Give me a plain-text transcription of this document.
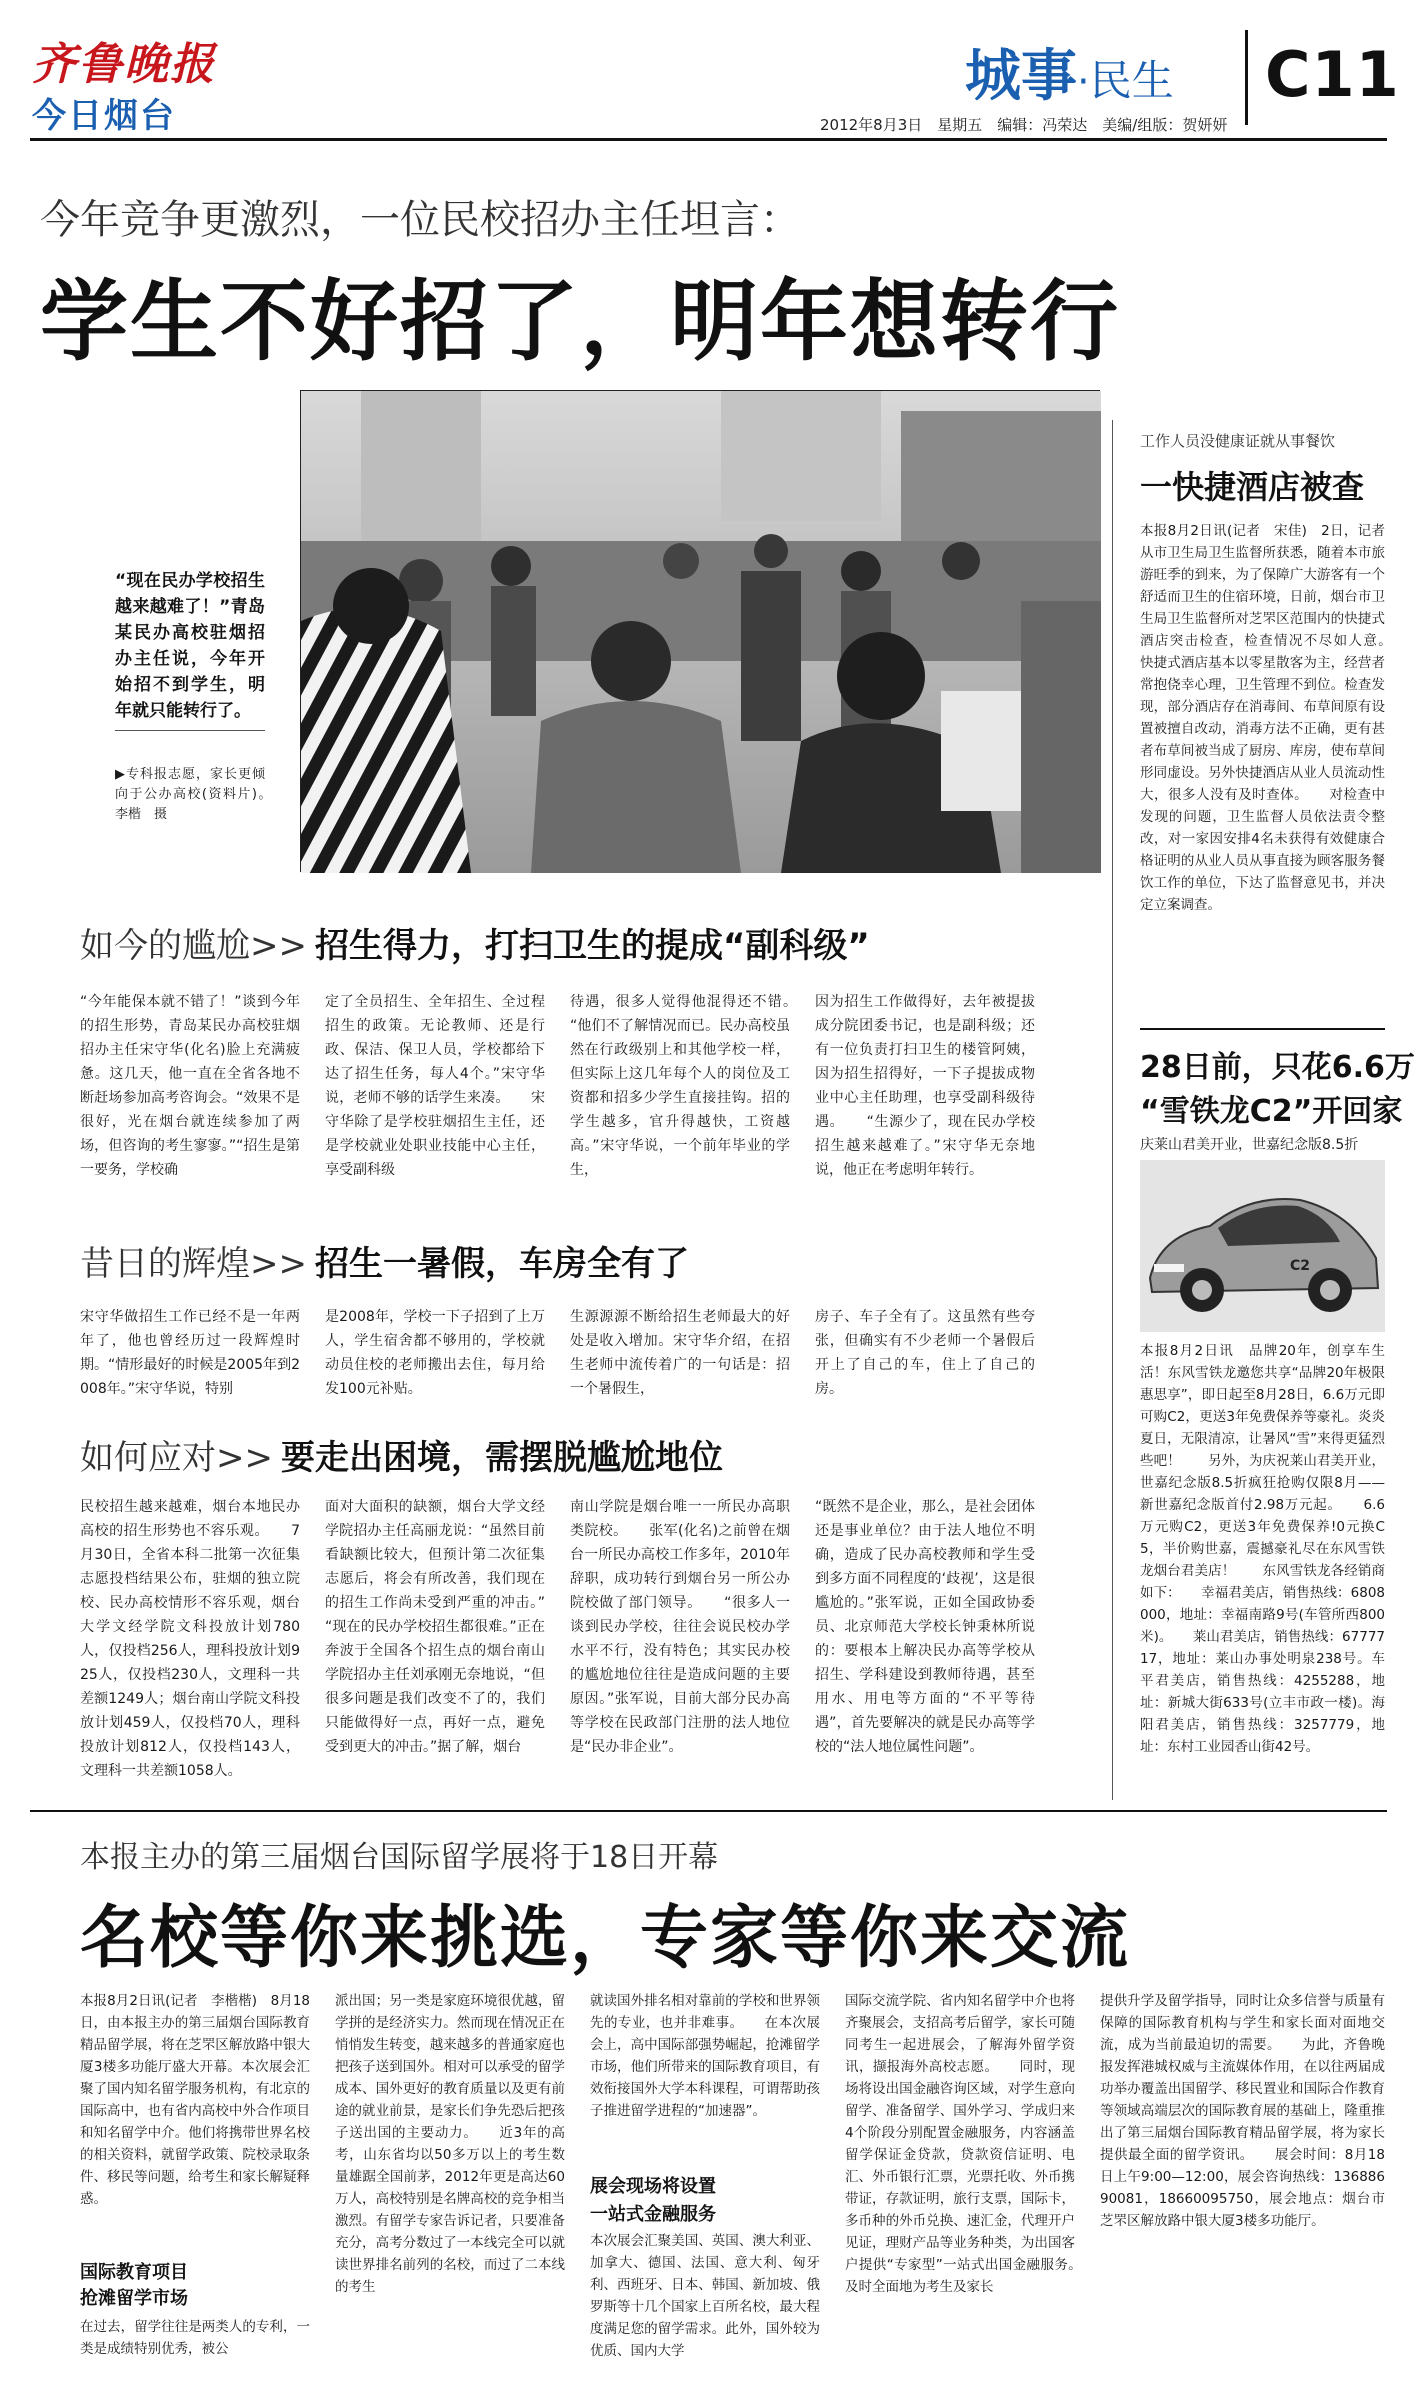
齐鲁晚报
今日烟台
城事·民生 C11
2012年8月3日　星期五　编辑：冯荣达　美编/组版：贺妍妍
今年竞争更激烈，一位民校招办主任坦言：
学生不好招了，明年想转行
“现在民办学校招生越来越难了！”青岛某民办高校驻烟招办主任说，今年开始招不到学生，明年就只能转行了。
▶专科报志愿，家长更倾向于公办高校(资料片)。　李楷　摄
如今的尴尬>> 招生得力，打扫卫生的提成“副科级”
“今年能保本就不错了！”谈到今年的招生形势，青岛某民办高校驻烟招办主任宋守华(化名)脸上充满疲惫。这几天，他一直在全省各地不断赶场参加高考咨询会。“效果不是很好，光在烟台就连续参加了两场，但咨询的考生寥寥。”“招生是第一要务，学校确
定了全员招生、全年招生、全过程招生的政策。无论教师、还是行政、保洁、保卫人员，学校都给下达了招生任务，每人4个。”宋守华说，老师不够的话学生来凑。　　宋守华除了是学校驻烟招生主任，还是学校就业处职业技能中心主任，享受副科级
待遇，很多人觉得他混得还不错。　　“他们不了解情况而已。民办高校虽然在行政级别上和其他学校一样，但实际上这几年每个人的岗位及工资都和招多少学生直接挂钩。招的学生越多，官升得越快，工资越高。”宋守华说，一个前年毕业的学生，
因为招生工作做得好，去年被提拔成分院团委书记，也是副科级；还有一位负责打扫卫生的楼管阿姨，因为招生招得好，一下子提拔成物业中心主任助理，也享受副科级待遇。　　“生源少了，现在民办学校招生越来越难了。”宋守华无奈地说，他正在考虑明年转行。
昔日的辉煌>> 招生一暑假，车房全有了
宋守华做招生工作已经不是一年两年了，他也曾经历过一段辉煌时期。“情形最好的时候是2005年到2008年。”宋守华说，特别
是2008年，学校一下子招到了上万人，学生宿舍都不够用的，学校就动员住校的老师搬出去住，每月给发100元补贴。
生源源源不断给招生老师最大的好处是收入增加。宋守华介绍，在招生老师中流传着广的一句话是：招一个暑假生，
房子、车子全有了。这虽然有些夸张，但确实有不少老师一个暑假后开上了自己的车，住上了自己的房。
如何应对>> 要走出困境，需摆脱尴尬地位
民校招生越来越难，烟台本地民办高校的招生形势也不容乐观。　　7月30日，全省本科二批第一次征集志愿投档结果公布，驻烟的独立院校、民办高校情形不容乐观，烟台大学文经学院文科投放计划780人，仅投档256人，理科投放计划925人，仅投档230人，文理科一共差额1249人；烟台南山学院文科投放计划459人，仅投档70人，理科投放计划812人，仅投档143人，文理科一共差额1058人。
面对大面积的缺额，烟台大学文经学院招办主任高丽龙说：“虽然目前看缺额比较大，但预计第二次征集志愿后，将会有所改善，我们现在的招生工作尚未受到严重的冲击。”　　“现在的民办学校招生都很难。”正在奔波于全国各个招生点的烟台南山学院招办主任刘承刚无奈地说，“但很多问题是我们改变不了的，我们只能做得好一点，再好一点，避免受到更大的冲击。”据了解，烟台
南山学院是烟台唯一一所民办高职类院校。　　张军(化名)之前曾在烟台一所民办高校工作多年，2010年辞职，成功转行到烟台另一所公办院校做了部门领导。　　“很多人一谈到民办学校，往往会说民校办学水平不行，没有特色；其实民办校的尴尬地位往往是造成问题的主要原因。”张军说，目前大部分民办高等学校在民政部门注册的法人地位是“民办非企业”。
“既然不是企业，那么，是社会团体还是事业单位？由于法人地位不明确，造成了民办高校教师和学生受到多方面不同程度的‘歧视’，这是很尴尬的。”张军说，正如全国政协委员、北京师范大学校长钟秉林所说的：要根本上解决民办高等学校从招生、学科建设到教师待遇，甚至用水、用电等方面的“不平等待遇”，首先要解决的就是民办高等学校的“法人地位属性问题”。
工作人员没健康证就从事餐饮
一快捷酒店被查
本报8月2日讯(记者　宋佳)　2日，记者从市卫生局卫生监督所获悉，随着本市旅游旺季的到来，为了保障广大游客有一个舒适而卫生的住宿环境，日前，烟台市卫生局卫生监督所对芝罘区范围内的快捷式酒店突击检查，检查情况不尽如人意。　　快捷式酒店基本以零星散客为主，经营者常抱侥幸心理，卫生管理不到位。检查发现，部分酒店存在消毒间、布草间原有设置被擅自改动，消毒方法不正确，更有甚者布草间被当成了厨房、库房，使布草间形同虚设。另外快捷酒店从业人员流动性大，很多人没有及时查体。　　对检查中发现的问题，卫生监督人员依法责令整改，对一家因安排4名未获得有效健康合格证明的从业人员从事直接为顾客服务餐饮工作的单位，下达了监督意见书，并决定立案调查。
28日前，只花6.6万
“雪铁龙C2”开回家
庆莱山君美开业，世嘉纪念版8.5折
C2
本报8月2日讯　品牌20年，创享车生活！东风雪铁龙邀您共享“品牌20年极限惠思享”，即日起至8月28日，6.6万元即可购C2，更送3年免费保养等豪礼。炎炎夏日，无限清凉，让暑风“雪”来得更猛烈些吧！　　另外，为庆祝莱山君美开业，世嘉纪念版8.5折疯狂抢购仅限8月——新世嘉纪念版首付2.98万元起。　　6.6万元购C2，更送3年免费保养!0元换C5，半价购世嘉，震撼豪礼尽在东风雪铁龙烟台君美店！　　东风雪铁龙各经销商如下：　　幸福君美店，销售热线：6808000，地址：幸福南路9号(车管所西800米)。　　莱山君美店，销售热线：6777717，地址：莱山办事处明泉238号。车平君美店，销售热线：4255288，地址：新城大街633号(立丰市政一楼)。海阳君美店，销售热线：3257779，地址：东村工业园香山街42号。
本报主办的第三届烟台国际留学展将于18日开幕
名校等你来挑选，专家等你来交流
本报8月2日讯(记者　李楷楷)　8月18日，由本报主办的第三届烟台国际教育精品留学展，将在芝罘区解放路中银大厦3楼多功能厅盛大开幕。本次展会汇聚了国内知名留学服务机构，有北京的国际高中，也有省内高校中外合作项目和知名留学中介。他们将携带世界名校的相关资料，就留学政策、院校录取条件、移民等问题，给考生和家长解疑释惑。
国际教育项目
抢滩留学市场
在过去，留学往往是两类人的专利，一类是成绩特别优秀，被公
派出国；另一类是家庭环境很优越，留学拼的是经济实力。然而现在情况正在悄悄发生转变，越来越多的普通家庭也把孩子送到国外。相对可以承受的留学成本、国外更好的教育质量以及更有前途的就业前景，是家长们争先恐后把孩子送出国的主要动力。　　近3年的高考，山东省均以50多万以上的考生数量雄踞全国前茅，2012年更是高达60万人，高校特别是名牌高校的竞争相当激烈。有留学专家告诉记者，只要准备充分，高考分数过了一本线完全可以就读世界排名前列的名校，而过了二本线的考生
就读国外排名相对靠前的学校和世界领先的专业，也并非难事。　　在本次展会上，高中国际部强势崛起，抢滩留学市场，他们所带来的国际教育项目，有效衔接国外大学本科课程，可谓帮助孩子推进留学进程的“加速器”。
展会现场将设置
一站式金融服务
本次展会汇聚美国、英国、澳大利亚、加拿大、德国、法国、意大利、匈牙利、西班牙、日本、韩国、新加坡、俄罗斯等十几个国家上百所名校，最大程度满足您的留学需求。此外，国外较为优质、国内大学
国际交流学院、省内知名留学中介也将齐聚展会，支招高考后留学，家长可随同考生一起进展会，了解海外留学资讯，撷报海外高校志愿。　　同时，现场将设出国金融咨询区域，对学生意向留学、准备留学、国外学习、学成归来4个阶段分别配置金融服务，内容涵盖留学保证金贷款，贷款资信证明、电汇、外币银行汇票，光票托收、外币携带证，存款证明，旅行支票，国际卡，多币种的外币兑换、速汇金，代理开户见证，理财产品等业务种类，为出国客户提供“专家型”一站式出国金融服务。　　及时全面地为考生及家长
提供升学及留学指导，同时让众多信誉与质量有保障的国际教育机构与学生和家长面对面地交流，成为当前最迫切的需要。　　为此，齐鲁晚报发挥港城权威与主流媒体作用，在以往两届成功举办覆盖出国留学、移民置业和国际合作教育等领域高端层次的国际教育展的基础上，隆重推出了第三届烟台国际教育精品留学展，将为家长提供最全面的留学资讯。　　展会时间：8月18日上午9:00—12:00，展会咨询热线：13688690081，18660095750，展会地点：烟台市芝罘区解放路中银大厦3楼多功能厅。
